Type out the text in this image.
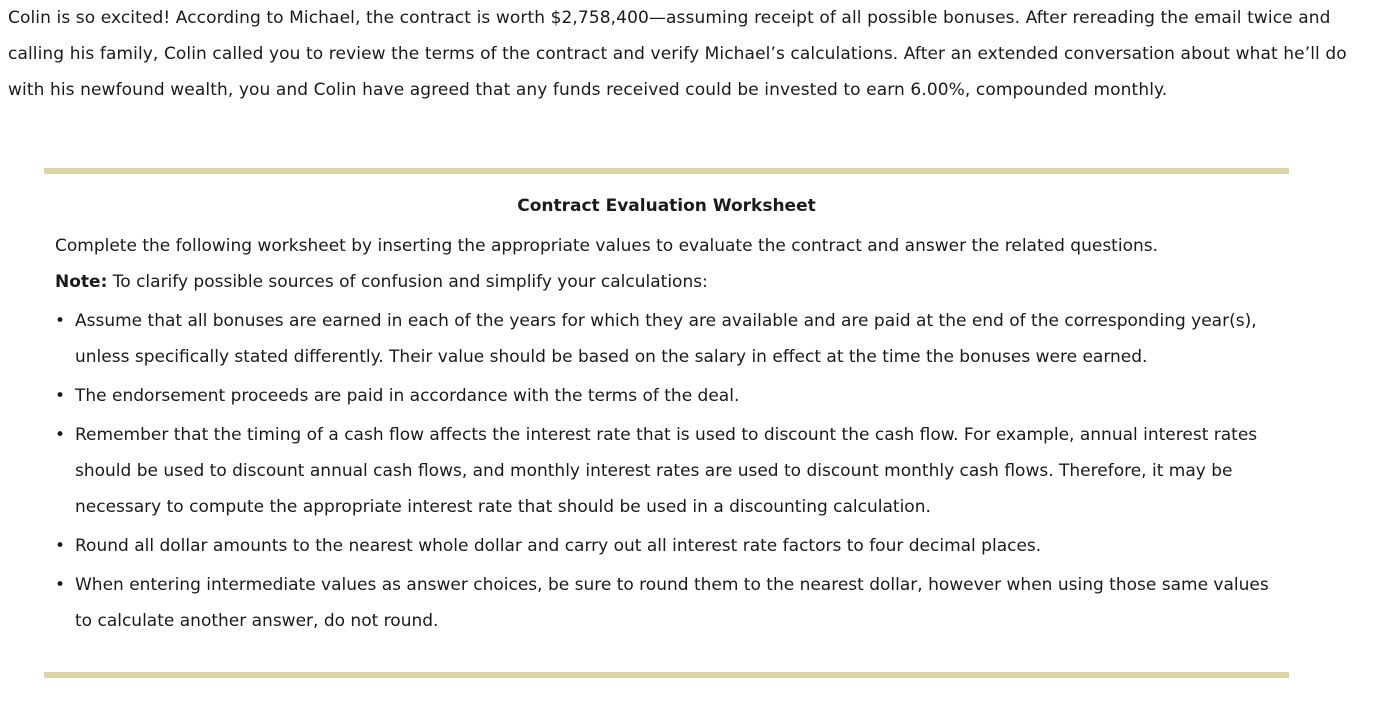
Colin is so excited! According to Michael, the contract is worth $2,758,400—assuming receipt of all possible bonuses. After rereading the email twice and calling his family, Colin called you to review the terms of the contract and verify Michael’s calculations. After an extended conversation about what he’ll do with his newfound wealth, you and Colin have agreed that any funds received could be invested to earn 6.00%, compounded monthly.

Contract Evaluation Worksheet

Complete the following worksheet by inserting the appropriate values to evaluate the contract and answer the related questions.

Note: To clarify possible sources of confusion and simplify your calculations:

• Assume that all bonuses are earned in each of the years for which they are available and are paid at the end of the corresponding year(s), unless specifically stated differently. Their value should be based on the salary in effect at the time the bonuses were earned.
• The endorsement proceeds are paid in accordance with the terms of the deal.
• Remember that the timing of a cash flow affects the interest rate that is used to discount the cash flow. For example, annual interest rates should be used to discount annual cash flows, and monthly interest rates are used to discount monthly cash flows. Therefore, it may be necessary to compute the appropriate interest rate that should be used in a discounting calculation.
• Round all dollar amounts to the nearest whole dollar and carry out all interest rate factors to four decimal places.
• When entering intermediate values as answer choices, be sure to round them to the nearest dollar, however when using those same values to calculate another answer, do not round.
